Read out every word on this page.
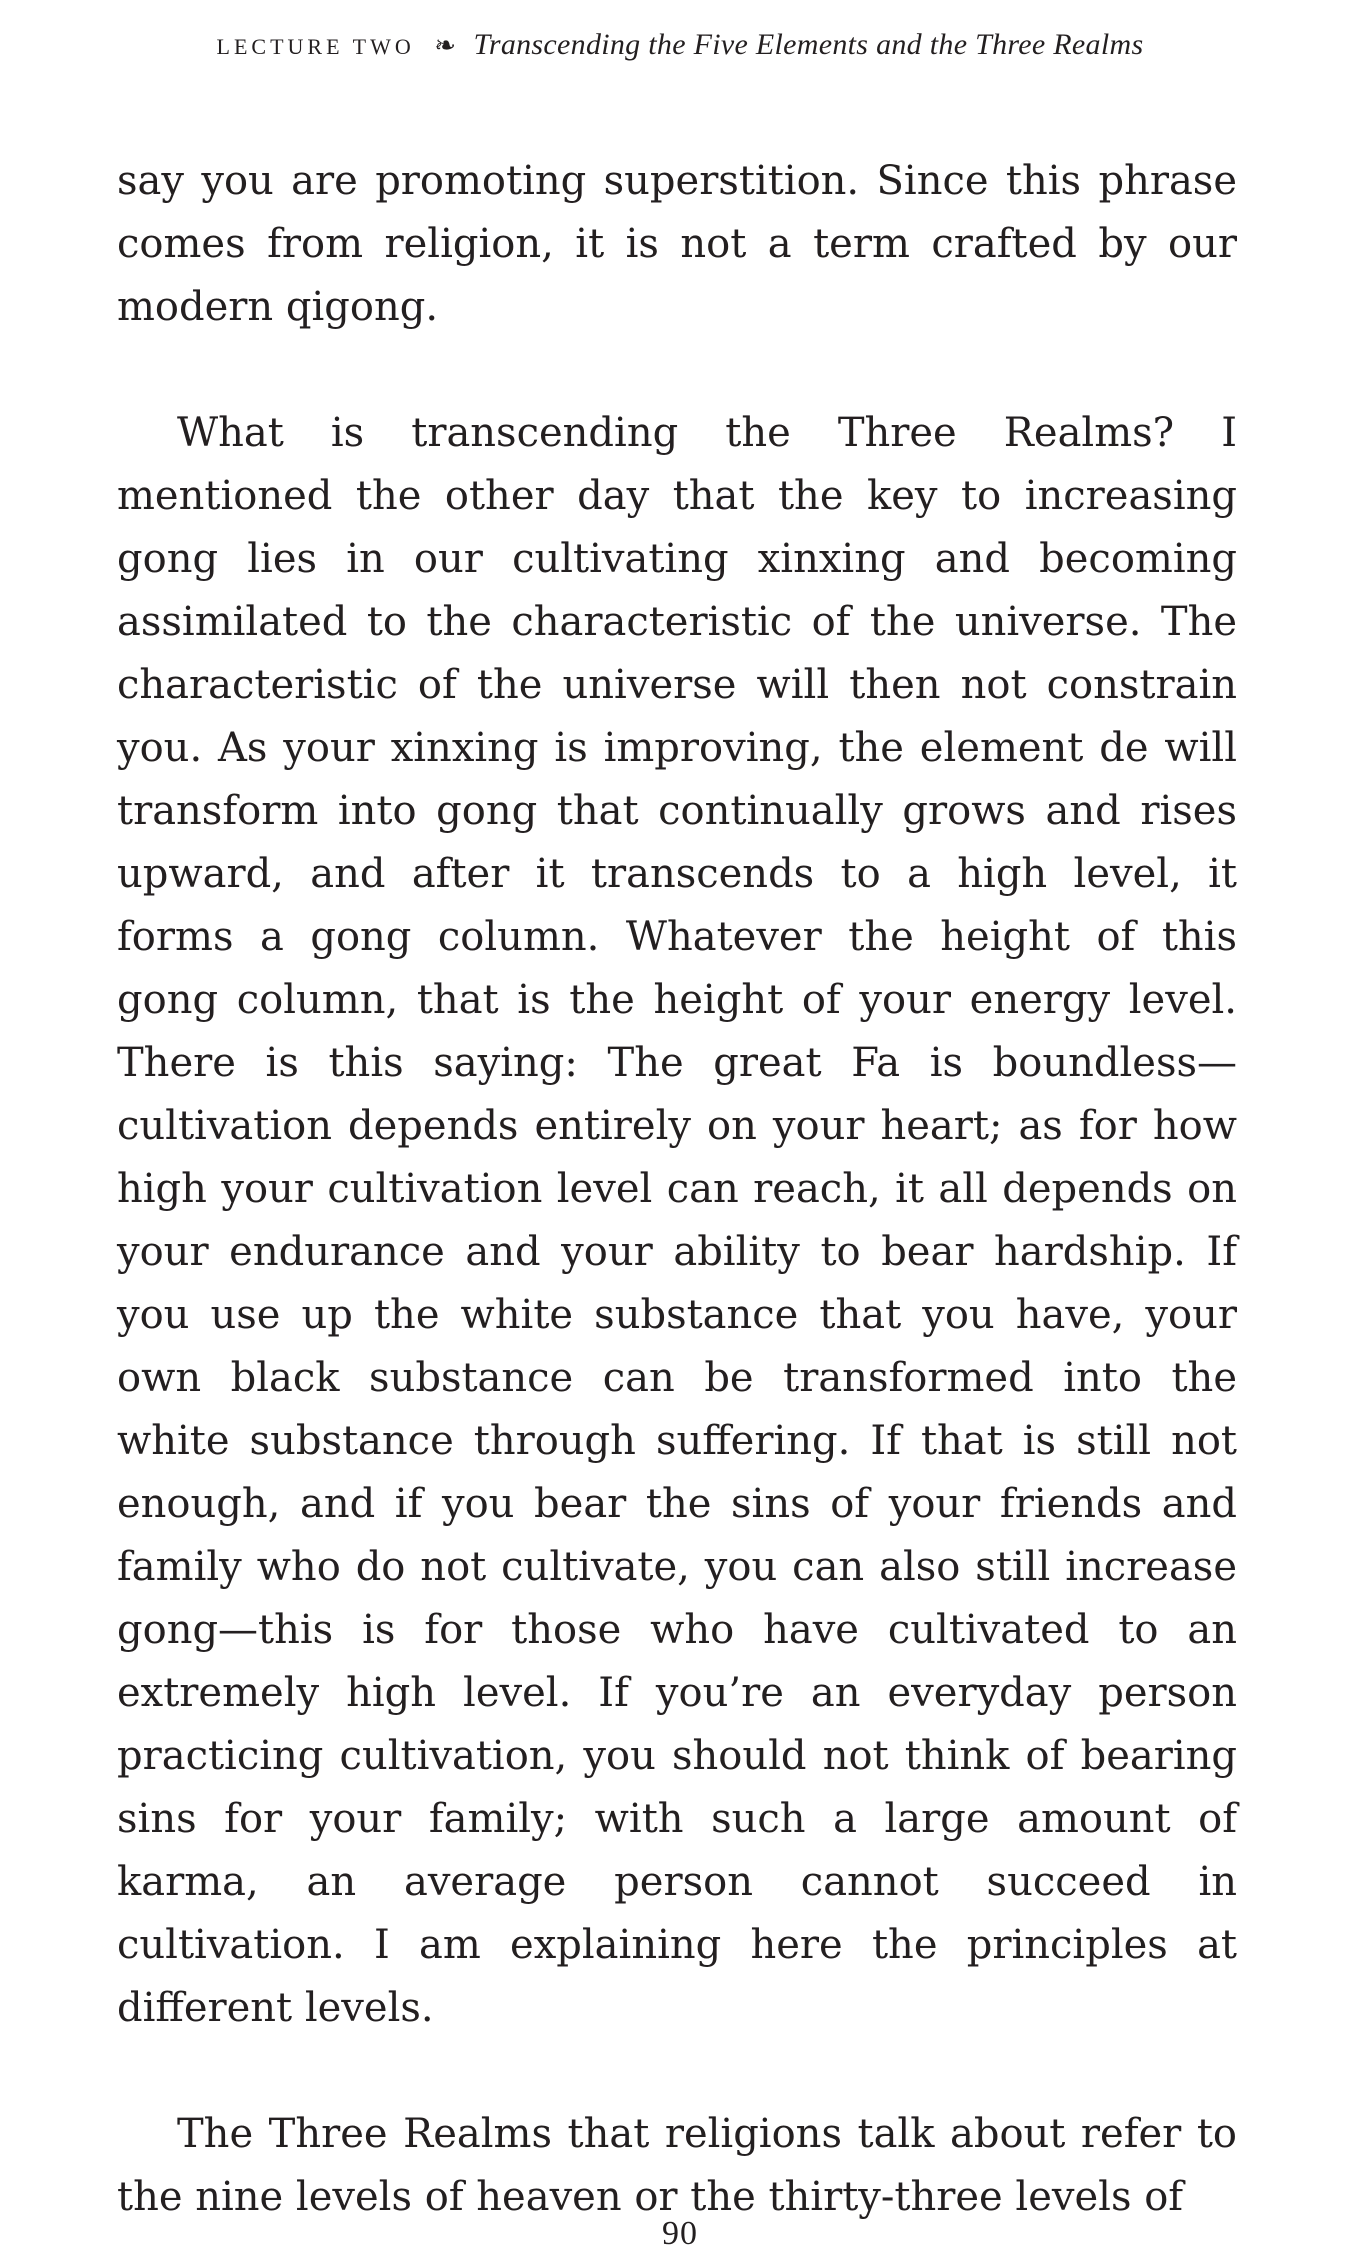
LECTURE TWO ❧ Transcending the Five Elements and the Three Realms

say you are promoting superstition. Since this phrase comes from religion, it is not a term crafted by our modern qigong.

What is transcending the Three Realms? I mentioned the other day that the key to increasing gong lies in our cultivating xinxing and becoming assimilated to the characteristic of the universe. The characteristic of the universe will then not constrain you. As your xinxing is improving, the element de will transform into gong that continually grows and rises upward, and after it transcends to a high level, it forms a gong column. Whatever the height of this gong column, that is the height of your energy level. There is this saying: The great Fa is boundless—cultivation depends entirely on your heart; as for how high your cultivation level can reach, it all depends on your endurance and your ability to bear hardship. If you use up the white substance that you have, your own black substance can be transformed into the white substance through suffering. If that is still not enough, and if you bear the sins of your friends and family who do not cultivate, you can also still increase gong—this is for those who have cultivated to an extremely high level. If you’re an everyday person practicing cultivation, you should not think of bearing sins for your family; with such a large amount of karma, an average person cannot succeed in cultivation. I am explaining here the principles at different levels.

The Three Realms that religions talk about refer to the nine levels of heaven or the thirty-three levels of

90
